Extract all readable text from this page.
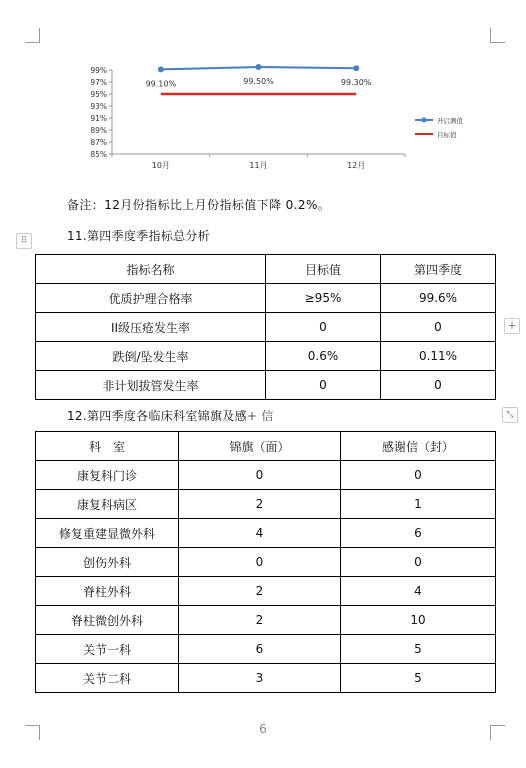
99%
97%
95%
93%
91%
89%
87%
85%
10月	11月	12月
99.10%	99.50%	99.30%
开启测值
目标值
备注：12月份指标比上月份指标值下降 0.2%。
11.第四季度季指标总分析
⠿
指标名称	目标值	第四季度
优质护理合格率	≥95%	99.6%
II级压疮发生率	0	0
跌倒/坠发生率	0.6%	0.11%
非计划拔管发生率	0	0
+
12.第四季度各临床科室锦旗及感+ 信	⤡
科　室	锦旗（面）	感谢信（封）
康复科门诊	0	0
康复科病区	2	1
修复重建显微外科	4	6
创伤外科	0	0
脊柱外科	2	4
脊柱微创外科	2	10
关节一科	6	5
关节二科	3	5
6
